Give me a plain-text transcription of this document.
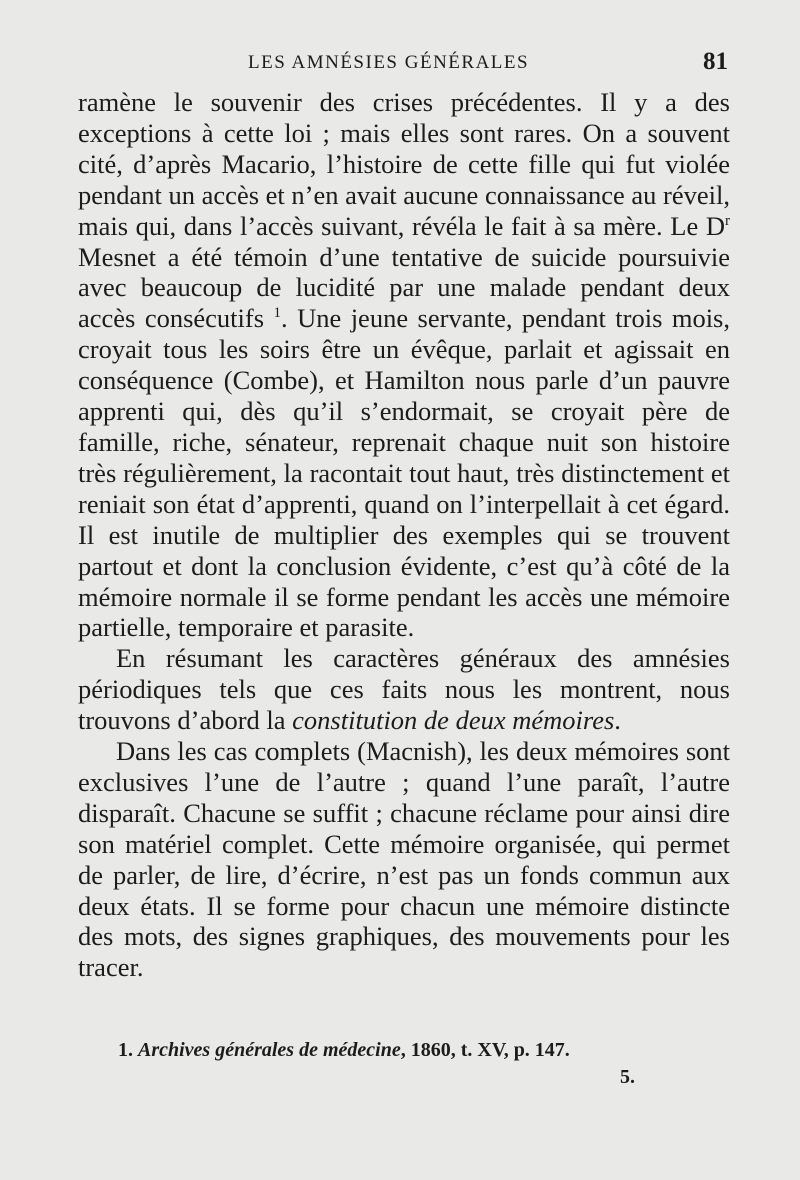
LES AMNÉSIES GÉNÉRALES	81

ramène le souvenir des crises précédentes. Il y a des exceptions à cette loi ; mais elles sont rares. On a souvent cité, d’après Macario, l’histoire de cette fille qui fut violée pendant un accès et n’en avait aucune connaissance au réveil, mais qui, dans l’accès suivant, révéla le fait à sa mère. Le $D^r$ Mesnet a été témoin d’une tentative de suicide poursuivie avec beaucoup de lucidité par une malade pendant deux accès consécutifs $^1$. Une jeune servante, pendant trois mois, croyait tous les soirs être un évêque, parlait et agissait en conséquence (Combe), et Hamilton nous parle d’un pauvre apprenti qui, dès qu’il s’endormait, se croyait père de famille, riche, sénateur, reprenait chaque nuit son histoire très régulièrement, la racontait tout haut, très distinctement et reniait son état d’apprenti, quand on l’interpellait à cet égard. Il est inutile de multiplier des exemples qui se trouvent partout et dont la conclusion évidente, c’est qu’à côté de la mémoire normale il se forme pendant les accès une mémoire partielle, temporaire et parasite.

En résumant les caractères généraux des amnésies périodiques tels que ces faits nous les montrent, nous trouvons d’abord la constitution de deux mémoires.

Dans les cas complets (Macnish), les deux mémoires sont exclusives l’une de l’autre ; quand l’une paraît, l’autre disparaît. Chacune se suffit ; chacune réclame pour ainsi dire son matériel complet. Cette mémoire organisée, qui permet de parler, de lire, d’écrire, n’est pas un fonds commun aux deux états. Il se forme pour chacun une mémoire distincte des mots, des signes graphiques, des mouvements pour les tracer.

1. Archives générales de médecine, 1860, t. XV, p. 147.
5.
